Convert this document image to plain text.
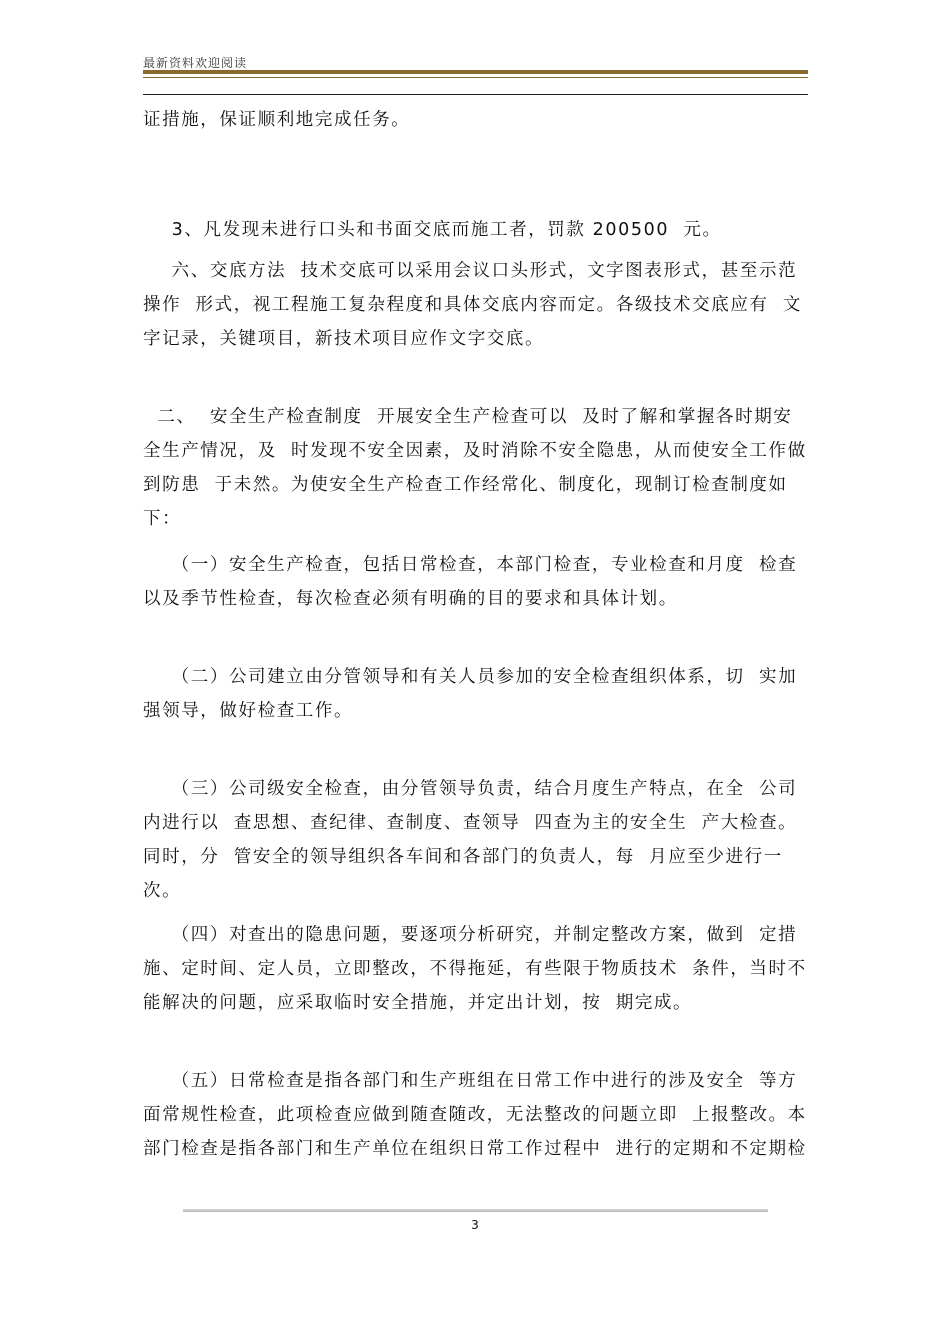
最新资料欢迎阅读

证措施，保证顺利地完成任务。

3、凡发现未进行口头和书面交底而施工者，罚款 200500  元。

六、交底方法  技术交底可以采用会议口头形式，文字图表形式，甚至示范操作  形式，视工程施工复杂程度和具体交底内容而定。各级技术交底应有  文字记录，关键项目，新技术项目应作文字交底。

二、  安全生产检查制度  开展安全生产检查可以  及时了解和掌握各时期安全生产情况，及  时发现不安全因素，及时消除不安全隐患，从而使安全工作做到防患  于未然。为使安全生产检查工作经常化、制度化，现制订检查制度如  下：

（一）安全生产检查，包括日常检查，本部门检查，专业检查和月度  检查以及季节性检查，每次检查必须有明确的目的要求和具体计划。

（二）公司建立由分管领导和有关人员参加的安全检查组织体系，切  实加强领导，做好检查工作。

（三）公司级安全检查，由分管领导负责，结合月度生产特点，在全  公司内进行以  查思想、查纪律、查制度、查领导  四查为主的安全生  产大检查。同时，分  管安全的领导组织各车间和各部门的负责人，每  月应至少进行一次。

（四）对查出的隐患问题，要逐项分析研究，并制定整改方案，做到  定措施、定时间、定人员，立即整改，不得拖延，有些限于物质技术  条件，当时不能解决的问题，应采取临时安全措施，并定出计划，按  期完成。

（五）日常检查是指各部门和生产班组在日常工作中进行的涉及安全  等方面常规性检查，此项检查应做到随查随改，无法整改的问题立即  上报整改。本部门检查是指各部门和生产单位在组织日常工作过程中  进行的定期和不定期检

3
